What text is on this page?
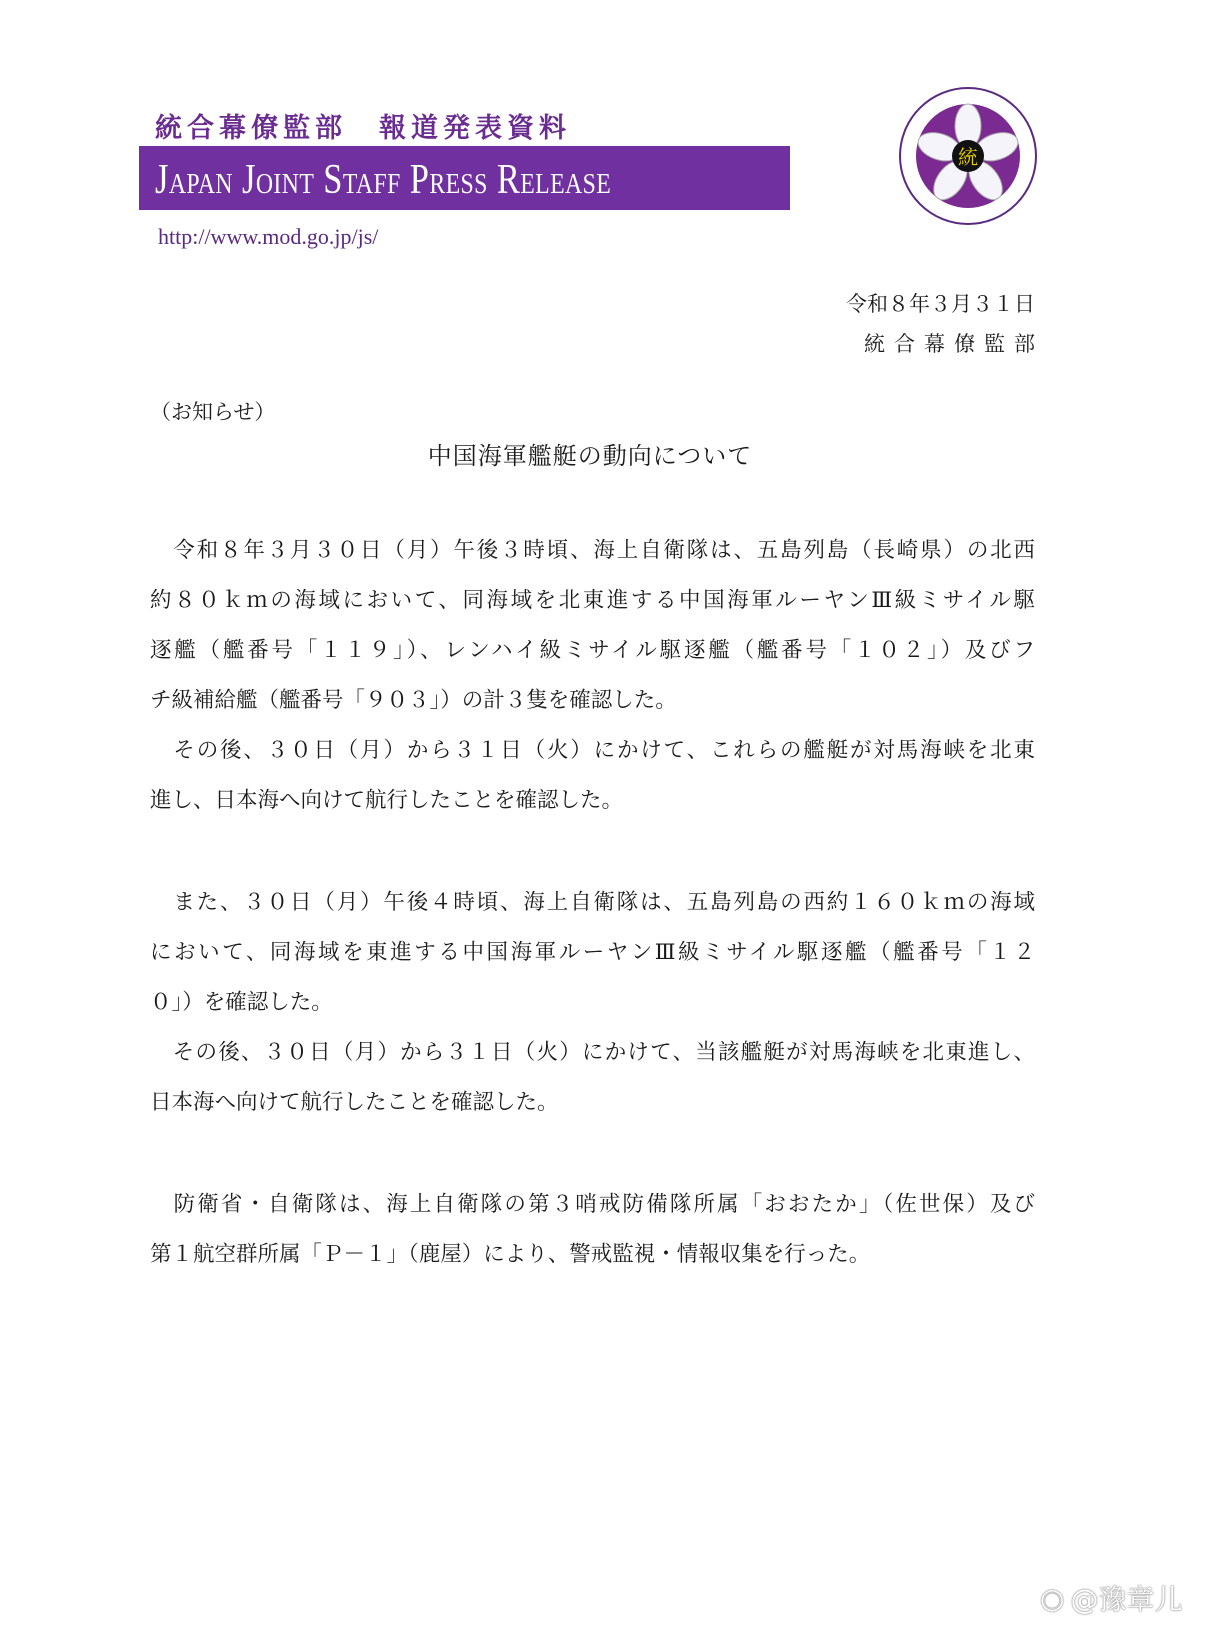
統合幕僚監部　報道発表資料
Japan Joint Staff Press Release
http://www.mod.go.jp/js/
統
令和８年３月３１日
統合幕僚監部
（お知らせ）
中国海軍艦艇の動向について
　令和８年３月３０日（月）午後３時頃、海上自衛隊は、五島列島（長崎県）の北西
約８０ｋｍの海域において、同海域を北東進する中国海軍ルーヤンⅢ級ミサイル駆
逐艦（艦番号「１１９」）、レンハイ級ミサイル駆逐艦（艦番号「１０２」）及びフ
チ級補給艦（艦番号「９０３」）の計３隻を確認した。
　その後、３０日（月）から３１日（火）にかけて、これらの艦艇が対馬海峡を北東
進し、日本海へ向けて航行したことを確認した。
　また、３０日（月）午後４時頃、海上自衛隊は、五島列島の西約１６０ｋｍの海域
において、同海域を東進する中国海軍ルーヤンⅢ級ミサイル駆逐艦（艦番号「１２
０」）を確認した。
　その後、３０日（月）から３１日（火）にかけて、当該艦艇が対馬海峡を北東進し、
日本海へ向けて航行したことを確認した。
　防衛省・自衛隊は、海上自衛隊の第３哨戒防備隊所属「おおたか」（佐世保）及び
第１航空群所属「Ｐ－１」（鹿屋）により、警戒監視・情報収集を行った。
◉ @豫章儿
